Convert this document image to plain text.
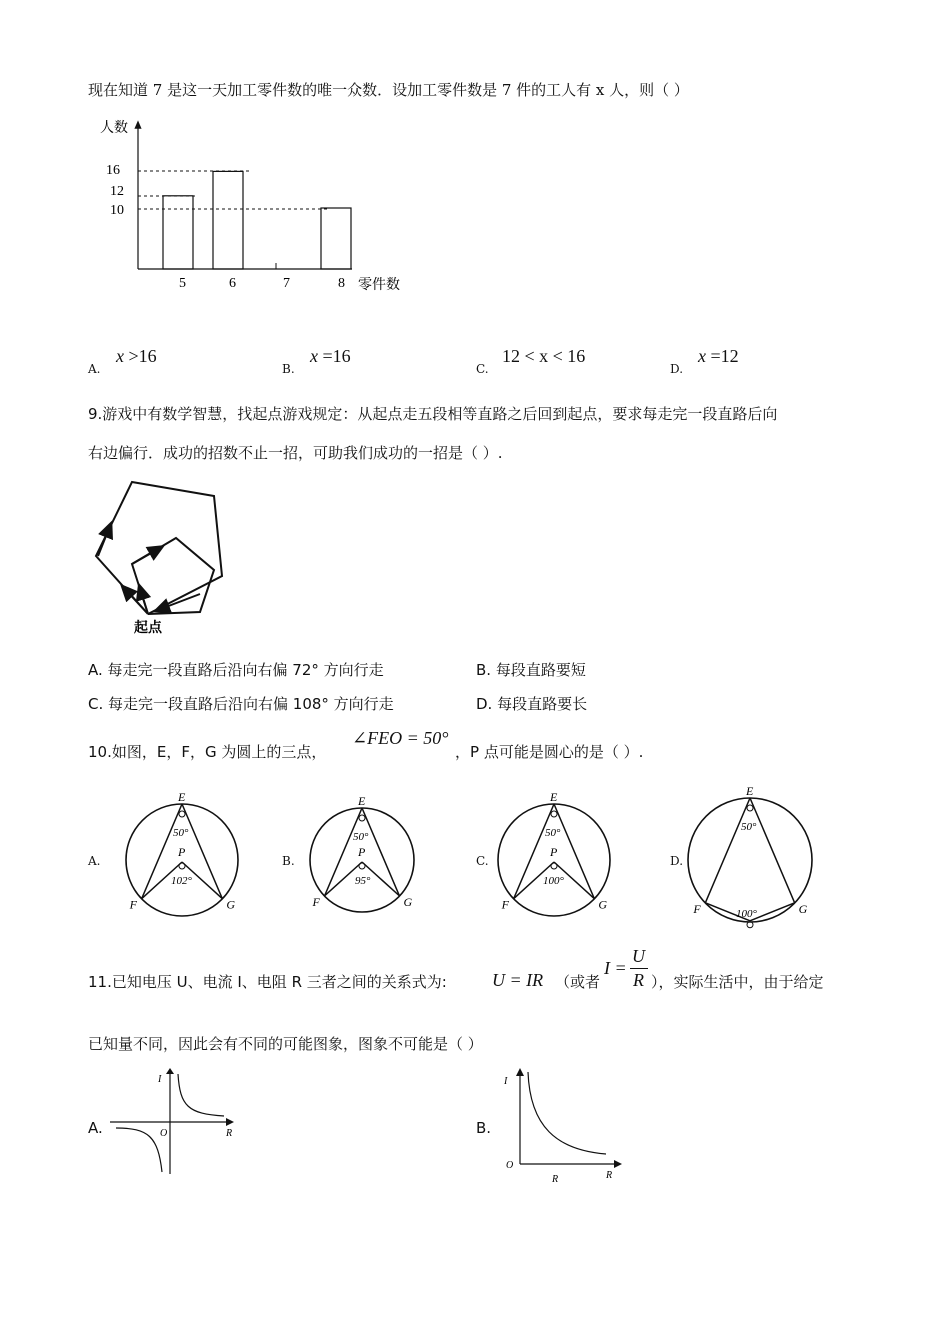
现在知道 7 是这一天加工零件数的唯一众数．设加工零件数是 7 件的工人有 x 人，则（ ）
人数
16
12
10
5	6	7	8 零件数
A.
x >16
B.
x =16
C.
12 < x < 16
D.
x =12
9.游戏中有数学智慧，找起点游戏规定：从起点走五段相等直路之后回到起点，要求每走完一段直路后向
右边偏行．成功的招数不止一招，可助我们成功的一招是（ ）.
起点
A. 每走完一段直路后沿向右偏 72° 方向行走	B. 每段直路要短
C. 每走完一段直路后沿向右偏 108° 方向行走	D. 每段直路要长
10.如图，E，F，G 为圆上的三点，
∠FEO = 50°
，P 点可能是圆心的是（ ）.
A.
E
F	G
P
50°
102°
B.
E
F	G
P
50°
95°
C.
E
F	G
P
50°
100°
D.
E
F	G
50°
100°
11.已知电压 U、电流 I、电阻 R 三者之间的关系式为:	U = IR （或者
I =
U
R ），实际生活中，由于给定
已知量不同，因此会有不同的可能图象，图象不可能是（ ）
A.
I
R
O	B.
I
O
R
R
